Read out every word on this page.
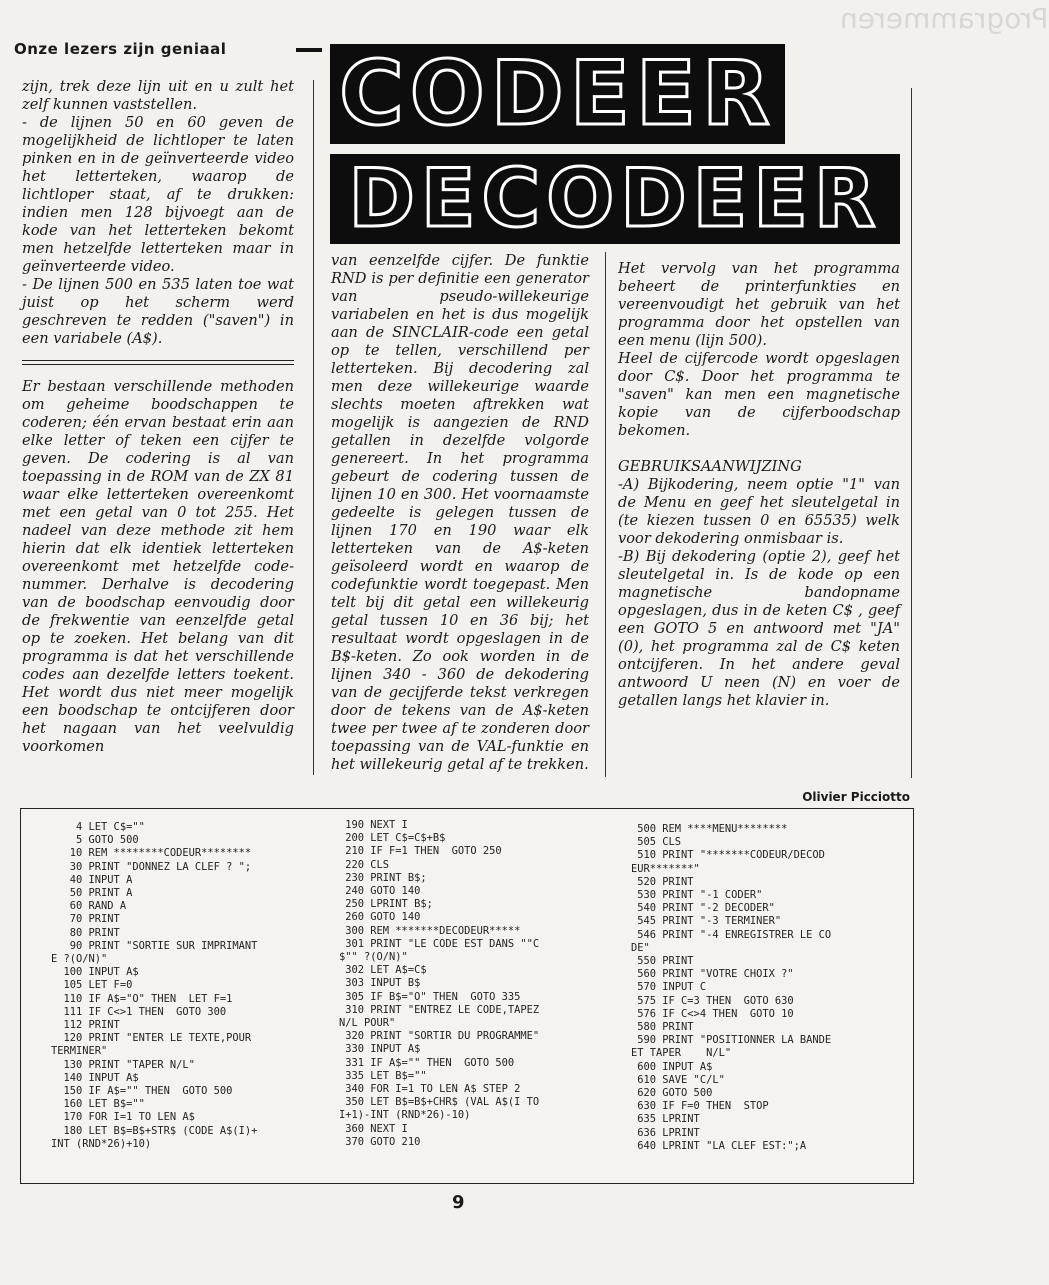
Programmeren
Onze lezers zijn geniaal CODEER
DECODEER

zijn, trek deze lijn uit en u zult het zelf kunnen vaststellen.

- de lijnen 50 en 60 geven de mogelijkheid de lichtloper te laten pinken en in de geïnverteerde video het letterteken, waarop de lichtloper staat, af te drukken: indien men 128 bijvoegt aan de kode van het letterteken bekomt men hetzelfde letterteken maar in geïnverteerde video.

- De lijnen 500 en 535 laten toe wat juist op het scherm werd geschreven te redden ("saven") in een variabele (A$).

Er bestaan verschillende methoden om geheime boodschappen te coderen; één ervan bestaat erin aan elke letter of teken een cijfer te geven. De codering is al van toepassing in de ROM van de ZX 81 waar elke letterteken overeenkomt met een getal van 0 tot 255. Het nadeel van deze methode zit hem hierin dat elk identiek letterteken overeenkomt met hetzelfde code-nummer. Derhalve is decodering van de boodschap eenvoudig door de frekwentie van eenzelfde getal op te zoeken. Het belang van dit programma is dat het verschillende codes aan dezelfde letters toekent. Het wordt dus niet meer mogelijk een boodschap te ontcijferen door het nagaan van het veelvuldig voorkomen

van eenzelfde cijfer. De funktie RND is per definitie een generator van pseudo-willekeurige variabelen en het is dus mogelijk aan de SINCLAIR-code een getal op te tellen, verschillend per letterteken. Bij decodering zal men deze willekeurige waarde slechts moeten aftrekken wat mogelijk is aangezien de RND getallen in dezelfde volgorde genereert. In het programma gebeurt de codering tussen de lijnen 10 en 300. Het voornaamste gedeelte is gelegen tussen de lijnen 170 en 190 waar elk letterteken van de A$-keten geïsoleerd wordt en waarop de codefunktie wordt toegepast. Men telt bij dit getal een willekeurig getal tussen 10 en 36 bij; het resultaat wordt opgeslagen in de B$-keten. Zo ook worden in de lijnen 340 - 360 de dekodering van de geciјferde tekst verkregen door de tekens van de A$-keten twee per twee af te zonderen door toepassing van de VAL-funktie en het willekeurig getal af te trekken.

Het vervolg van het programma beheert de printerfunkties en vereenvoudigt het gebruik van het programma door het opstellen van een menu (lijn 500).

Heel de cijfercode wordt opgeslagen door C$. Door het programma te "saven" kan men een magnetische kopie van de cijferboodschap bekomen.

GEBRUIKSAANWIJZING

-A) Bijkodering, neem optie "1" van de Menu en geef het sleutelgetal in (te kiezen tussen 0 en 65535) welk voor dekodering onmisbaar is.

-B) Bij dekodering (optie 2), geef het sleutelgetal in. Is de kode op een magnetische bandopname opgeslagen, dus in de keten C$ , geef een GOTO 5 en antwoord met "JA" (0), het programma zal de C$ keten ontcijferen. In het andere geval antwoord U neen (N) en voer de getallen langs het klavier in.

Olivier Picciotto
4 LET C$=""
5 GOTO 500
10 REM ********CODEUR********
30 PRINT "DONNEZ LA CLEF ? ";
40 INPUT A
50 PRINT A
60 RAND A
70 PRINT
80 PRINT
90 PRINT "SORTIE SUR IMPRIMANT
E ?(O/N)"
100 INPUT A$
105 LET F=0
110 IF A$="O" THEN  LET F=1
111 IF C<>1 THEN  GOTO 300
112 PRINT
120 PRINT "ENTER LE TEXTE,POUR
TERMINER"
130 PRINT "TAPER N/L"
140 INPUT A$
150 IF A$="" THEN  GOTO 500
160 LET B$=""
170 FOR I=1 TO LEN A$
180 LET B$=B$+STR$ (CODE A$(I)+
INT (RND*26)+10)
190 NEXT I
200 LET C$=C$+B$
210 IF F=1 THEN  GOTO 250
220 CLS
230 PRINT B$;
240 GOTO 140
250 LPRINT B$;
260 GOTO 140
300 REM *******DECODEUR*****
301 PRINT "LE CODE EST DANS ""C
$"" ?(O/N)"
302 LET A$=C$
303 INPUT B$
305 IF B$="O" THEN  GOTO 335
310 PRINT "ENTREZ LE CODE,TAPEZ
N/L POUR"
320 PRINT "SORTIR DU PROGRAMME"
330 INPUT A$
331 IF A$="" THEN  GOTO 500
335 LET B$=""
340 FOR I=1 TO LEN A$ STEP 2
350 LET B$=B$+CHR$ (VAL A$(I TO
I+1)-INT (RND*26)-10)
360 NEXT I
370 GOTO 210
500 REM ****MENU********
505 CLS
510 PRINT "*******CODEUR/DECOD
EUR*******"
520 PRINT
530 PRINT "-1 CODER"
540 PRINT "-2 DECODER"
545 PRINT "-3 TERMINER"
546 PRINT "-4 ENREGISTRER LE CO
DE"
550 PRINT
560 PRINT "VOTRE CHOIX ?"
570 INPUT C
575 IF C=3 THEN  GOTO 630
576 IF C<>4 THEN  GOTO 10
580 PRINT
590 PRINT "POSITIONNER LA BANDE
ET TAPER    N/L"
600 INPUT A$
610 SAVE "C/L"
620 GOTO 500
630 IF F=0 THEN  STOP
635 LPRINT
636 LPRINT
640 LPRINT "LA CLEF EST:";A
9
